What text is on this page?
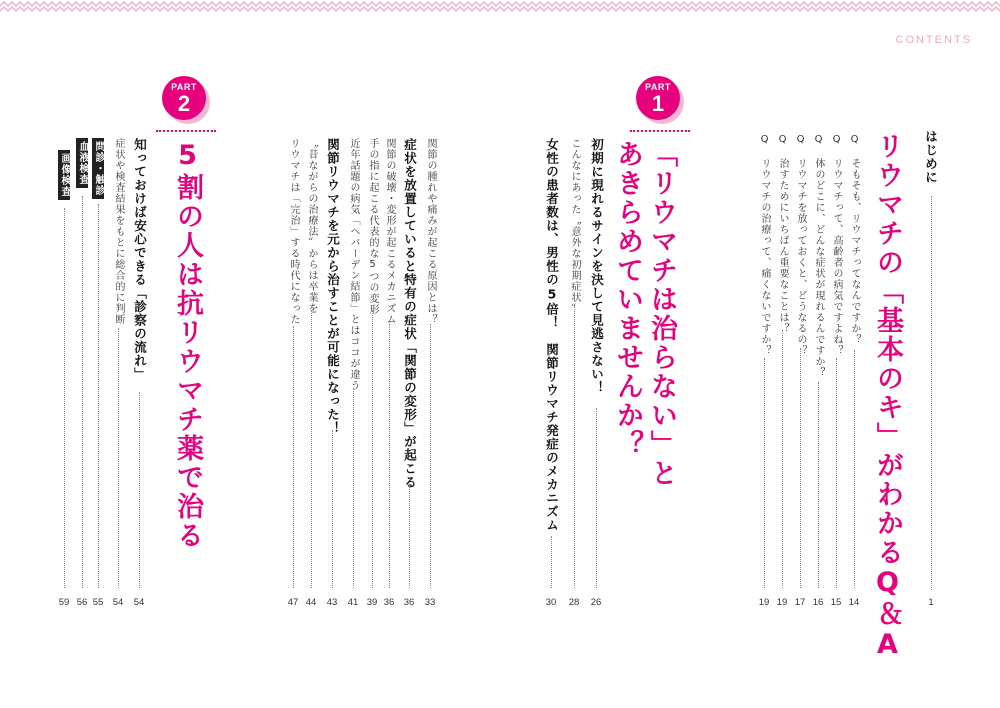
CONTENTS
はじめに
1
リウマチの「基本のキ」がわかるQ＆A
Q そもそも、リウマチってなんですか？
14
Q リウマチって、高齢者の病気ですよね？
15
Q 体のどこに、どんな症状が現れるんですか？
16
Q リウマチを放っておくと、どうなるの？
17
Q 治すためにいちばん重要なことは？
19
Q リウマチの治療って、痛くないですか？
19
PART
1
「リウマチは治らない」と
あきらめていませんか？
初期に現れるサインを決して見逃さない！
26
こんなにあった〝意外な初期症状〟
28
女性の患者数は、男性の5倍！　関節リウマチ発症のメカニズム
30
PART
2
5割の人は抗リウマチ薬で治る	関節の腫れや痛みが起こる原因とは？
33
症状を放置していると特有の症状「関節の変形」が起こる
36
関節の破壊・変形が起こるメカニズム
36
手の指に起こる代表的な5つの変形
39
近年話題の病気「ヘバーデン結節」とはココが違う
41
関節リウマチを元から治すことが可能になった！
43
〝昔ながらの治療法〟からは卒業を
44
リウマチは「完治」する時代になった
47
知っておけば安心できる「診察の流れ」
54
症状や検査結果をもとに総合的に判断
54
問診・触診
55
血液検査
56
画像検査
59
